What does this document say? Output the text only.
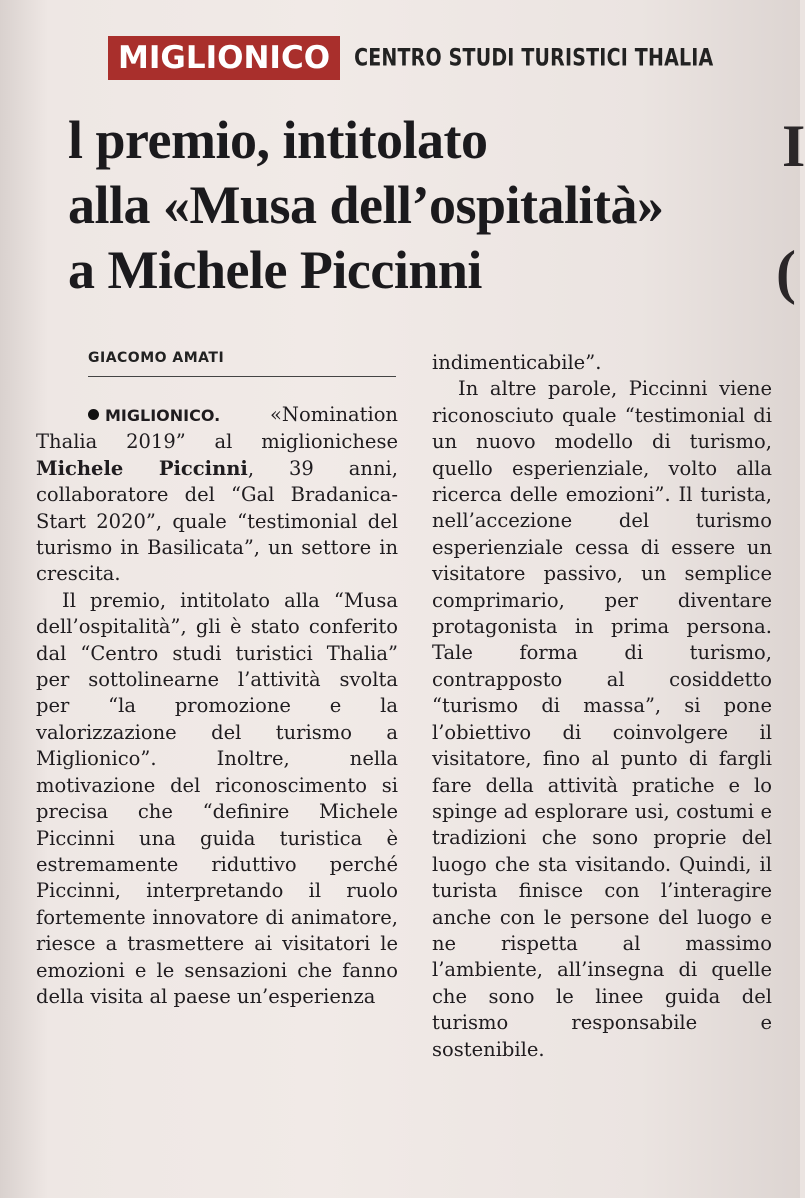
MIGLIONICO	CENTRO STUDI TURISTICI THALIA
l premio, intitolato
alla «Musa dell’ospitalità»
a Michele Piccinni
I
(
GIACOMO AMATI

MIGLIONICO. «Nomination Thalia 2019” al miglionichese Michele Piccinni, 39 anni, collaboratore del “Gal Bradanica-Start 2020”, quale “testimonial del turismo in Basilicata”, un settore in crescita.

Il premio, intitolato alla “Musa dell’ospitalità”, gli è stato conferito dal “Centro studi turistici Thalia” per sottolinearne l’attività svolta per “la promozione e la valorizzazione del turismo a Miglionico”. Inoltre, nella motivazione del riconoscimento si precisa che “definire Michele Piccinni una guida turistica è estremamente riduttivo perché Piccinni, interpretando il ruolo fortemente innovatore di animatore, riesce a trasmettere ai visitatori le emozioni e le sensazioni che fanno della visita al paese un’esperienza

indimenticabile”.

In altre parole, Piccinni viene riconosciuto quale “testimonial di un nuovo modello di turismo, quello esperienziale, volto alla ricerca delle emozioni”. Il turista, nell’accezione del turismo esperienziale cessa di essere un visitatore passivo, un semplice comprimario, per diventare protagonista in prima persona. Tale forma di turismo, contrapposto al cosiddetto “turismo di massa”, si pone l’obiettivo di coinvolgere il visitatore, fino al punto di fargli fare della attività pratiche e lo spinge ad esplorare usi, costumi e tradizioni che sono proprie del luogo che sta visitando. Quindi, il turista finisce con l’interagire anche con le persone del luogo e ne rispetta al massimo l’ambiente, all’insegna di quelle che sono le linee guida del turismo responsabile e sostenibile.
